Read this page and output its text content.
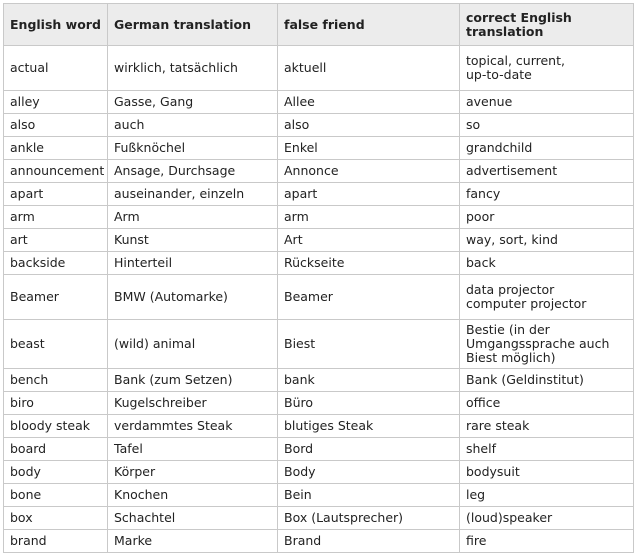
English word	German translation	false friend	correct English
translation
actual	wirklich, tatsächlich	aktuell	topical, current,
up-to-date
alley	Gasse, Gang	Allee	avenue
also	auch	also	so
ankle	Fußknöchel	Enkel	grandchild
announcement	Ansage, Durchsage	Annonce	advertisement
apart	auseinander, einzeln	apart	fancy
arm	Arm	arm	poor
art	Kunst	Art	way, sort, kind
backside	Hinterteil	Rückseite	back
Beamer	BMW (Automarke)	Beamer	data projector
computer projector
beast	(wild) animal	Biest	Bestie (in der
Umgangssprache auch
Biest möglich)
bench	Bank (zum Setzen)	bank	Bank (Geldinstitut)
biro	Kugelschreiber	Büro	office
bloody steak	verdammtes Steak	blutiges Steak	rare steak
board	Tafel	Bord	shelf
body	Körper	Body	bodysuit
bone	Knochen	Bein	leg
box	Schachtel	Box (Lautsprecher)	(loud)speaker
brand	Marke	Brand	fire
